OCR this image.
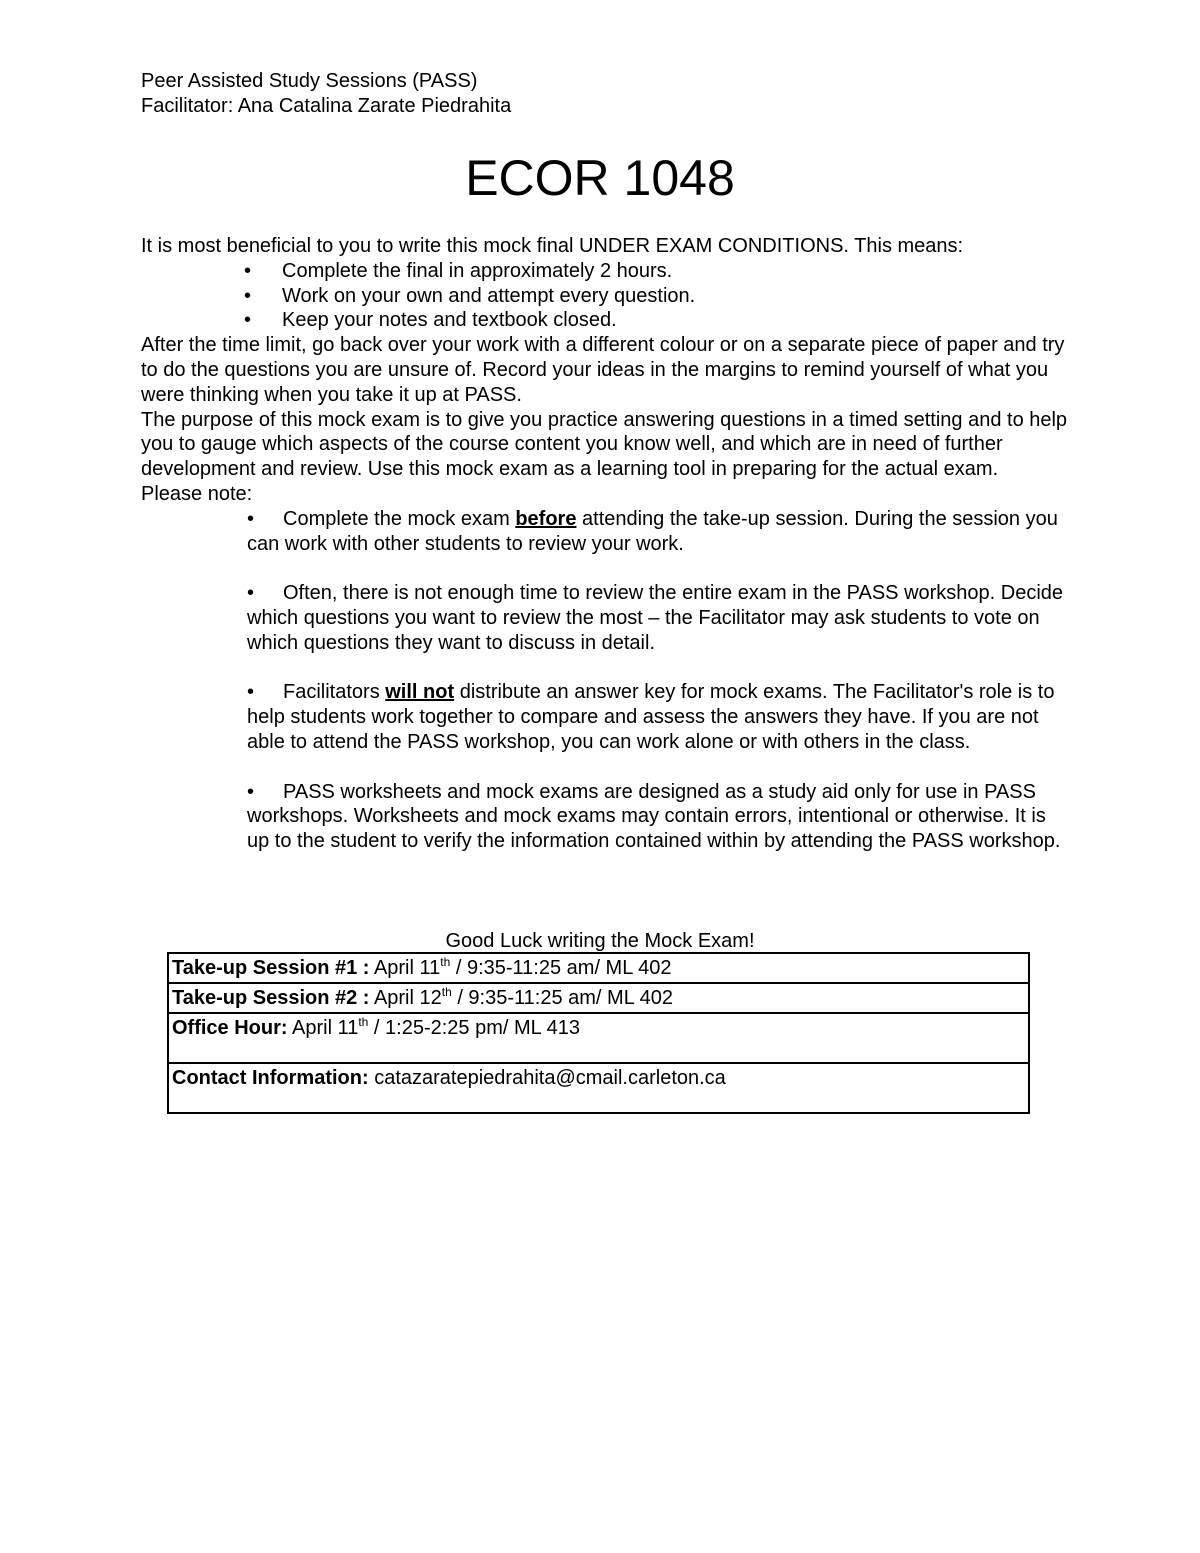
Peer Assisted Study Sessions (PASS)
Facilitator: Ana Catalina Zarate Piedrahita
ECOR 1048

It is most beneficial to you to write this mock final UNDER EXAM CONDITIONS. This means:

• Complete the final in approximately 2 hours.
• Work on your own and attempt every question.
• Keep your notes and textbook closed.

After the time limit, go back over your work with a different colour or on a separate piece of paper and try to do the questions you are unsure of. Record your ideas in the margins to remind yourself of what you were thinking when you take it up at PASS.

The purpose of this mock exam is to give you practice answering questions in a timed setting and to help you to gauge which aspects of the course content you know well, and which are in need of further development and review. Use this mock exam as a learning tool in preparing for the actual exam.

Please note:

• Complete the mock exam before attending the take-up session. During the session you can work with other students to review your work.
• Often, there is not enough time to review the entire exam in the PASS workshop. Decide which questions you want to review the most – the Facilitator may ask students to vote on which questions they want to discuss in detail.
• Facilitators will not distribute an answer key for mock exams. The Facilitator's role is to help students work together to compare and assess the answers they have. If you are not able to attend the PASS workshop, you can work alone or with others in the class.
• PASS worksheets and mock exams are designed as a study aid only for use in PASS workshops. Worksheets and mock exams may contain errors, intentional or otherwise. It is up to the student to verify the information contained within by attending the PASS workshop.
Good Luck writing the Mock Exam!
Take-up Session #1 : April 11th / 9:35-11:25 am/ ML 402
Take-up Session #2 : April 12th / 9:35-11:25 am/ ML 402
Office Hour: April 11th / 1:25-2:25 pm/ ML 413
Contact Information: catazaratepiedrahita@cmail.carleton.ca
